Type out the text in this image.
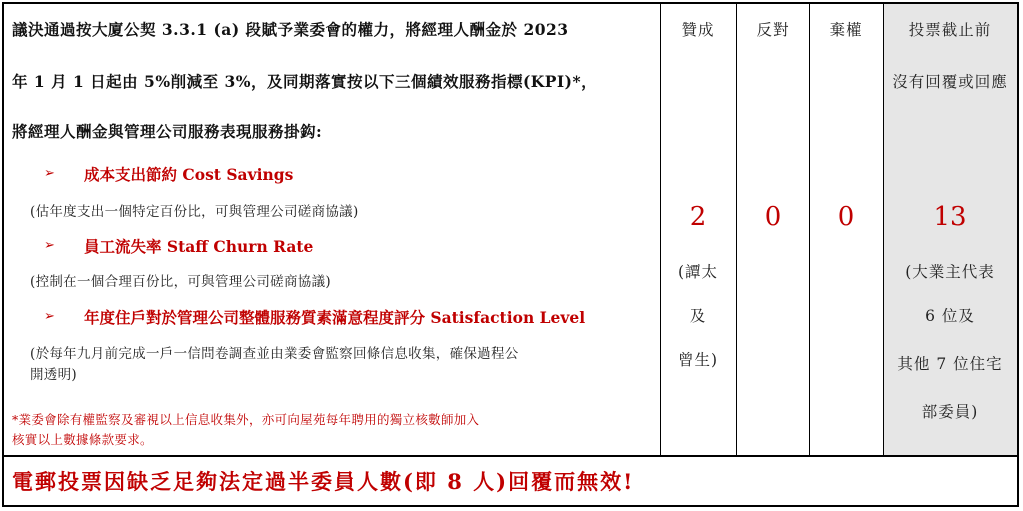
議決通過按大廈公契 3.3.1 (a) 段賦予業委會的權力，將經理人酬金於 2023
年 1 月 1 日起由 5%削減至 3%，及同期落實按以下三個績效服務指標(KPI)*，
將經理人酬金與管理公司服務表現服務掛鈎:
➢ 成本支出節約 Cost Savings
(估年度支出一個特定百份比，可與管理公司磋商協議)
➢ 員工流失率 Staff Churn Rate
(控制在一個合理百份比，可與管理公司磋商協議)
➢ 年度住戶對於管理公司整體服務質素滿意程度評分 Satisfaction Level
(於每年九月前完成一戶一信問卷調查並由業委會監察回條信息收集，確保過程公
開透明)
*業委會除有權監察及審視以上信息收集外，亦可向屋苑每年聘用的獨立核數師加入
核實以上數據條款要求。
贊成
2
(譚太
及
曾生)
反對
0
棄權
0
投票截止前
沒有回覆或回應
13
(大業主代表
6 位及
其他 7 位住宅
部委員)
電郵投票因缺乏足夠法定過半委員人數(即 8 人)回覆而無效!
